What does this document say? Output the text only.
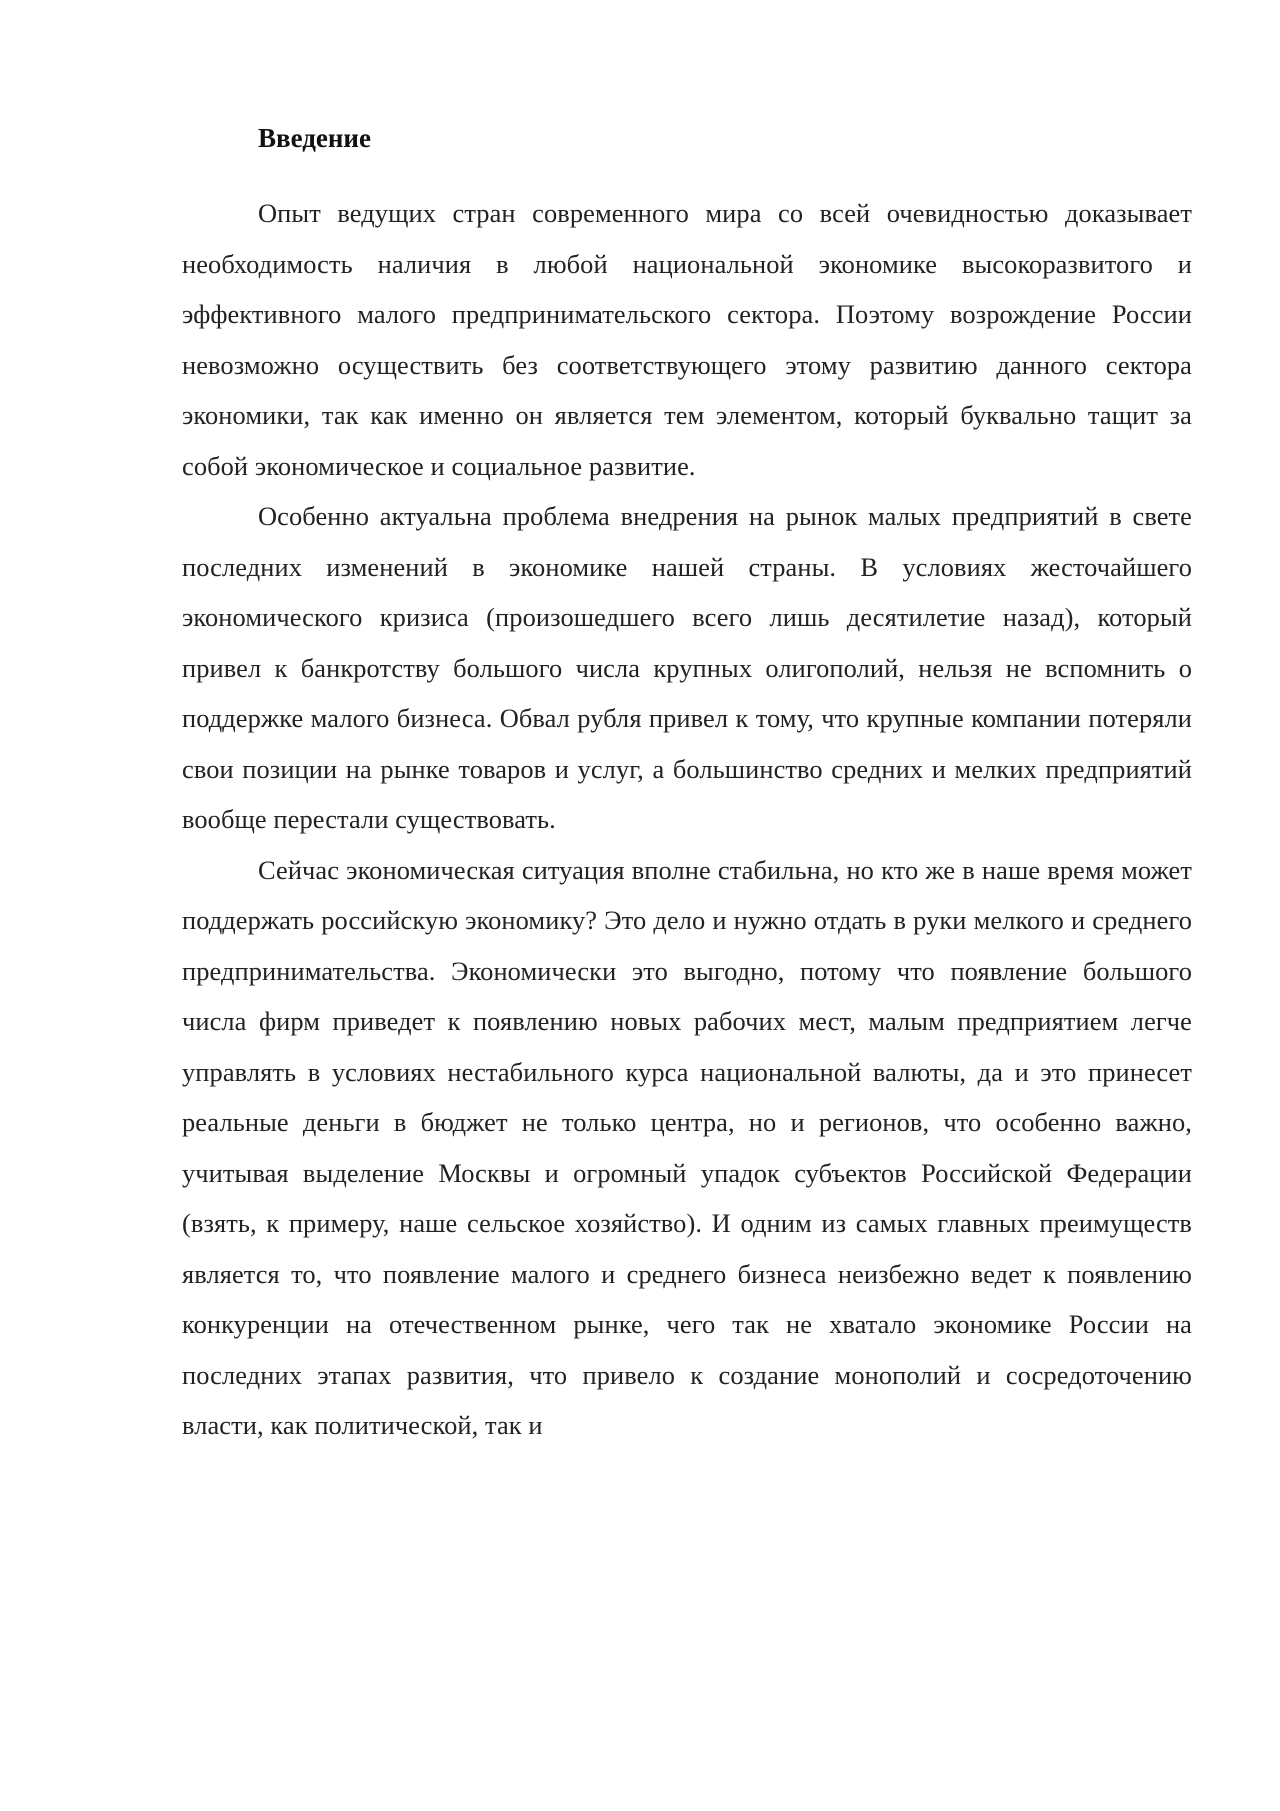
Введение

Опыт ведущих стран современного мира со всей очевидностью доказывает необходимость наличия в любой национальной экономике высокоразвитого и эффективного малого предпринимательского сектора. Поэтому возрождение России невозможно осуществить без соответствующего этому развитию данного сектора экономики, так как именно он является тем элементом, который буквально тащит за собой экономическое и социальное развитие.

Особенно актуальна проблема внедрения на рынок малых предприятий в свете последних изменений в экономике нашей страны. В условиях жесточайшего экономического кризиса (произошедшего всего лишь десятилетие назад), который привел к банкротству большого числа крупных олигополий, нельзя не вспомнить о поддержке малого бизнеса. Обвал рубля привел к тому, что крупные компании потеряли свои позиции на рынке товаров и услуг, а большинство средних и мелких предприятий вообще перестали существовать.

Сейчас экономическая ситуация вполне стабильна, но кто же в наше время может поддержать российскую экономику? Это дело и нужно отдать в руки мелкого и среднего предпринимательства. Экономически это выгодно, потому что появление большого числа фирм приведет к появлению новых рабочих мест, малым предприятием легче управлять в условиях нестабильного курса национальной валюты, да и это принесет реальные деньги в бюджет не только центра, но и регионов, что особенно важно, учитывая выделение Москвы и огромный упадок субъектов Российской Федерации (взять, к примеру, наше сельское хозяйство). И одним из самых главных преимуществ является то, что появление малого и среднего бизнеса неизбежно ведет к появлению конкуренции на отечественном рынке, чего так не хватало экономике России на последних этапах развития, что привело к создание монополий и сосредоточению власти, как политической, так и
